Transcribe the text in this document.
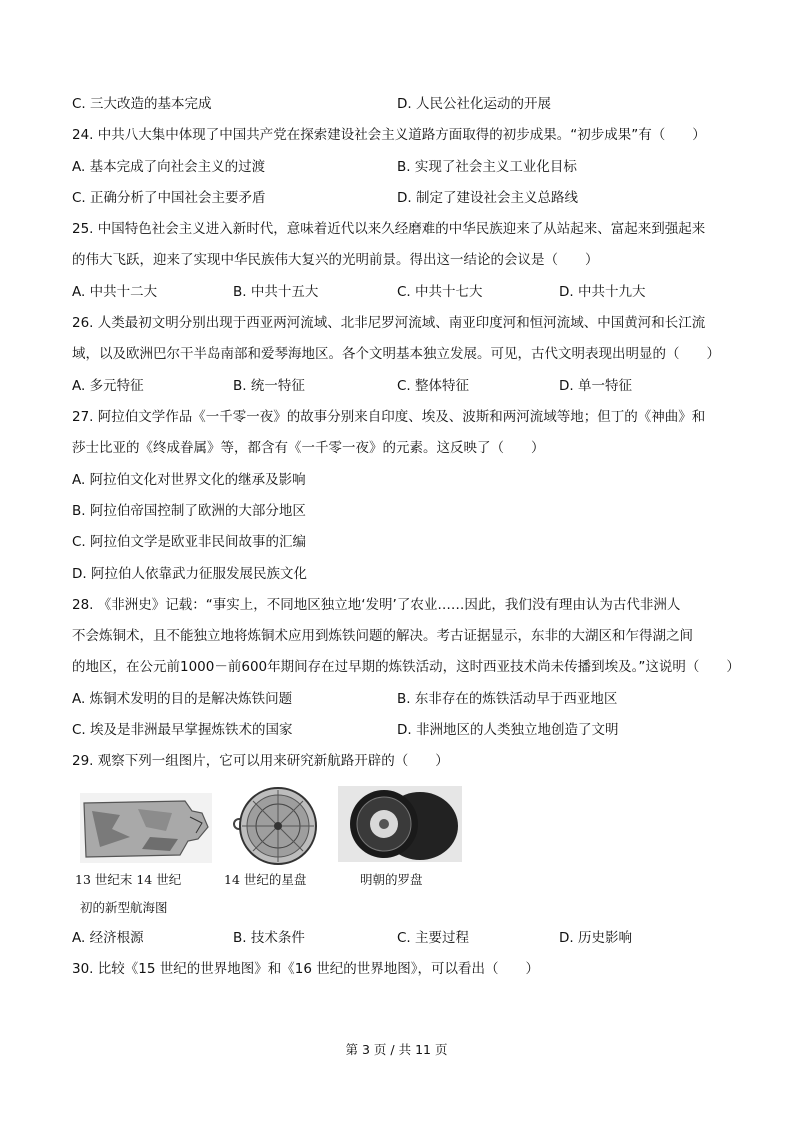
C. 三大改造的基本完成	D. 人民公社化运动的开展
24. 中共八大集中体现了中国共产党在探索建设社会主义道路方面取得的初步成果。“初步成果”有（　　）
A. 基本完成了向社会主义的过渡	B. 实现了社会主义工业化目标
C. 正确分析了中国社会主要矛盾	D. 制定了建设社会主义总路线
25. 中国特色社会主义进入新时代，意味着近代以来久经磨难的中华民族迎来了从站起来、富起来到强起来
的伟大飞跃，迎来了实现中华民族伟大复兴的光明前景。得出这一结论的会议是（　　）
A. 中共十二大	B. 中共十五大	C. 中共十七大	D. 中共十九大
26. 人类最初文明分别出现于西亚两河流域、北非尼罗河流域、南亚印度河和恒河流域、中国黄河和长江流
域，以及欧洲巴尔干半岛南部和爱琴海地区。各个文明基本独立发展。可见，古代文明表现出明显的（　　）
A. 多元特征	B. 统一特征	C. 整体特征	D. 单一特征
27. 阿拉伯文学作品《一千零一夜》的故事分别来自印度、埃及、波斯和两河流域等地；但丁的《神曲》和
莎士比亚的《终成眷属》等，都含有《一千零一夜》的元素。这反映了（　　）
A. 阿拉伯文化对世界文化的继承及影响
B. 阿拉伯帝国控制了欧洲的大部分地区
C. 阿拉伯文学是欧亚非民间故事的汇编
D. 阿拉伯人依靠武力征服发展民族文化
28. 《非洲史》记载：“事实上，不同地区独立地‘发明’了农业……因此，我们没有理由认为古代非洲人
不会炼铜术，且不能独立地将炼铜术应用到炼铁问题的解决。考古证据显示，东非的大湖区和乍得湖之间
的地区，在公元前1000－前600年期间存在过早期的炼铁活动，这时西亚技术尚未传播到埃及。”这说明（　　）
A. 炼铜术发明的目的是解决炼铁问题	B. 东非存在的炼铁活动早于西亚地区
C. 埃及是非洲最早掌握炼铁术的国家	D. 非洲地区的人类独立地创造了文明
29. 观察下列一组图片，它可以用来研究新航路开辟的（　　）
13 世纪末 14 世纪
初的新型航海图
14 世纪的星盘	明朝的罗盘
A. 经济根源	B. 技术条件	C. 主要过程	D. 历史影响
30. 比较《15 世纪的世界地图》和《16 世纪的世界地图》，可以看出（　　）
第 3 页 / 共 11 页
